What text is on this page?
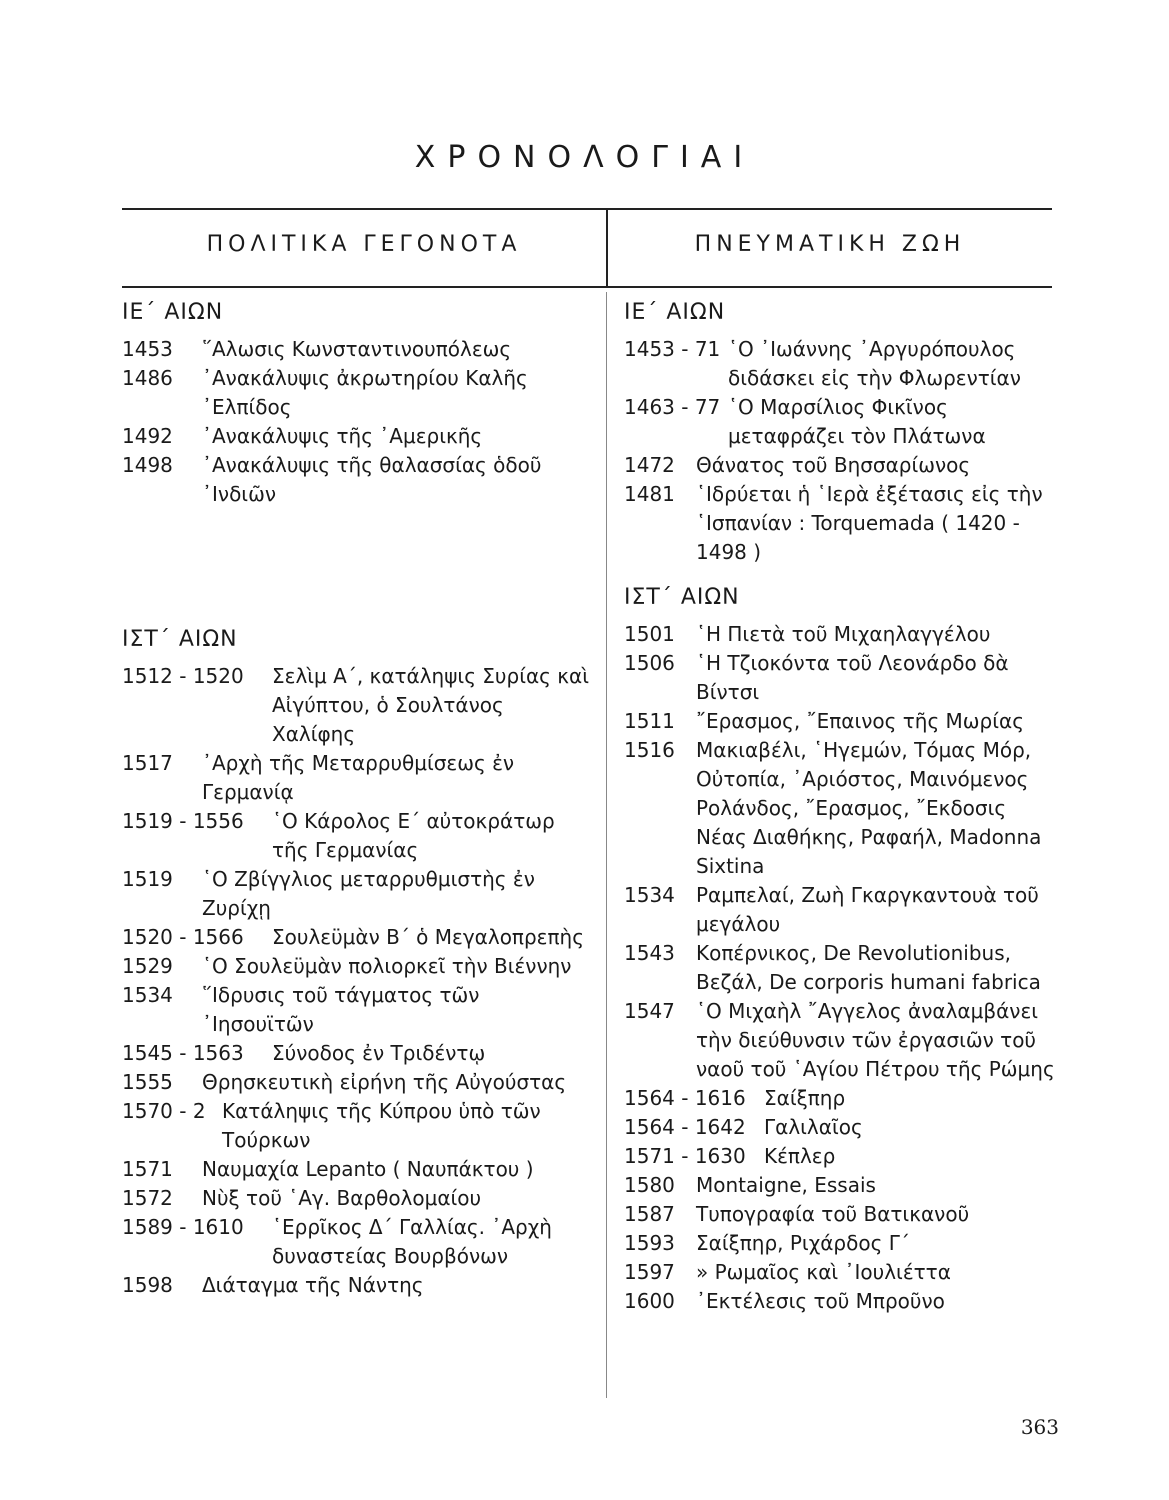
ΧΡΟΝΟΛΟΓΙΑΙ
ΠΟΛΙΤΙΚΑ ΓΕΓΟΝΟΤΑ	ΠΝΕΥΜΑΤΙΚΗ ΖΩΗ
ΙΕ΄ ΑΙΩΝ
1453	῞Αλωσις Κωνσταντινουπόλεως
1486	᾿Ανακάλυψις ἀκρωτηρίου Καλῆς ᾿Ελπίδος
1492	᾿Ανακάλυψις τῆς ᾿Αμερικῆς
1498	᾿Ανακάλυψις τῆς θαλασσίας ὁδοῦ ᾿Ινδιῶν
ΙΣΤ΄ ΑΙΩΝ
1512 - 1520	Σελὶμ Α΄, κατάληψις Συρίας καὶ Αἰγύπτου, ὁ Σουλτάνος Χαλίφης
1517	᾿Αρχὴ τῆς Μεταρρυθμίσεως ἐν Γερμανίᾳ
1519 - 1556	῾Ο Κάρολος Ε΄ αὐτοκράτωρ τῆς Γερμανίας
1519	῾Ο Ζβίγγλιος μεταρρυθμιστὴς ἐν Ζυρίχῃ
1520 - 1566	Σουλεϋμὰν Β΄ ὁ Μεγαλοπρεπὴς
1529	῾Ο Σουλεϋμὰν πολιορκεῖ τὴν Βιέννην
1534	῞Ιδρυσις τοῦ τάγματος τῶν ᾿Ιησουϊτῶν
1545 - 1563	Σύνοδος ἐν Τριδέντῳ
1555	Θρησκευτικὴ εἰρήνη τῆς Αὐγούστας
1570 - 2 Κατάληψις τῆς Κύπρου ὑπὸ τῶν Τούρκων
1571	Ναυμαχία Lepanto ( Ναυπάκτου )
1572	Νὺξ τοῦ ῾Αγ. Βαρθολομαίου
1589 - 1610	῾Ερρῖκος Δ΄ Γαλλίας. ᾿Αρχὴ δυναστείας Βουρβόνων
1598	Διάταγμα τῆς Νάντης
ΙΕ΄ ΑΙΩΝ
1453 - 71 ῾Ο ᾿Ιωάννης ᾿Αργυρόπουλος διδάσκει εἰς τὴν Φλωρεντίαν
1463 - 77 ῾Ο Μαρσίλιος Φικῖνος μεταφράζει τὸν Πλάτωνα
1472	Θάνατος τοῦ Βησσαρίωνος
1481	῾Ιδρύεται ἡ ῾Ιερὰ ἐξέτασις εἰς τὴν ῾Ισπανίαν : Torquemada ( 1420 - 1498 )
ΙΣΤ΄ ΑΙΩΝ
1501	῾Η Πιετὰ τοῦ Μιχαηλαγγέλου
1506	῾Η Τζιοκόντα τοῦ Λεονάρδο δὰ Βίντσι
1511	῎Ερασμος, ῎Επαινος τῆς Μωρίας
1516	Μακιαβέλι, ῾Ηγεμών, Τόμας Μόρ, Οὐτοπία, ᾿Αριόστος, Μαινόμενος Ρολάνδος, ῎Ερασμος, ῎Εκδοσις Νέας Διαθήκης, Ραφαήλ, Madonna Sixtina
1534	Ραμπελαί, Ζωὴ Γκαργκαντουὰ τοῦ μεγάλου
1543	Κοπέρνικος, De Revolutionibus, Βεζάλ, De corporis humani fabrica
1547	῾Ο Μιχαὴλ ῎Αγγελος ἀναλαμβάνει τὴν διεύθυνσιν τῶν ἐργασιῶν τοῦ ναοῦ τοῦ ῾Αγίου Πέτρου τῆς Ρώμης
1564 - 1616 Σαίξπηρ
1564 - 1642 Γαλιλαῖος
1571 - 1630 Κέπλερ
1580	Montaigne, Essais
1587	Τυπογραφία τοῦ Βατικανοῦ
1593	Σαίξπηρ, Ριχάρδος Γ΄
1597	» Ρωμαῖος καὶ ᾿Ιουλιέττα
1600	᾿Εκτέλεσις τοῦ Μπροῦνο
363
